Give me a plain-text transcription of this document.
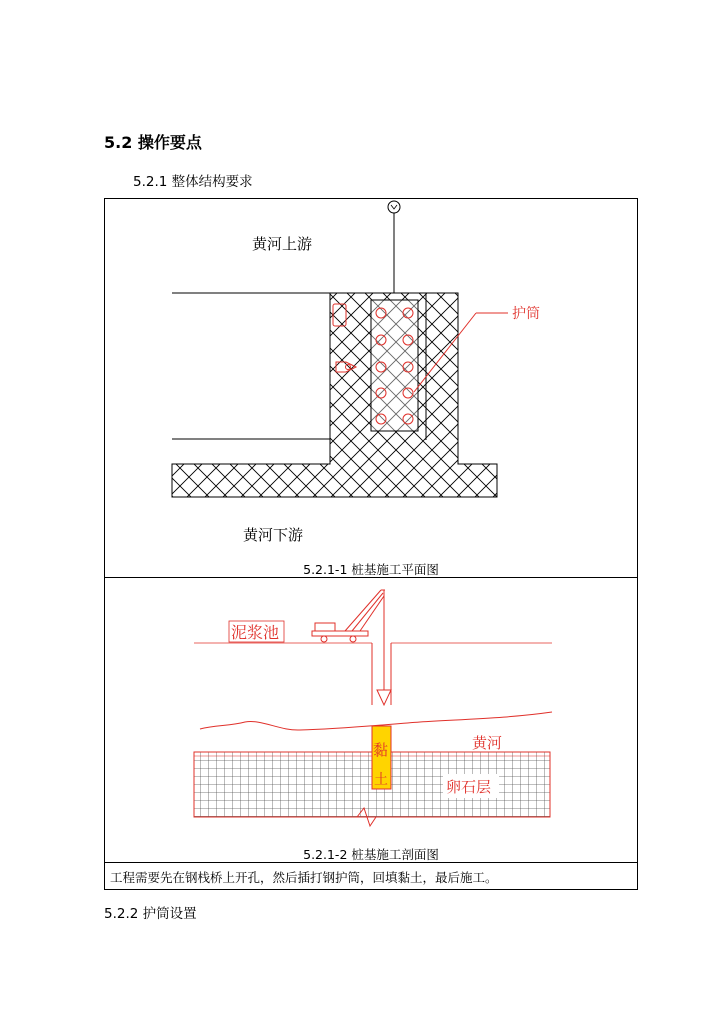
5.2 操作要点
5.2.1 整体结构要求
黄河上游
黄河下游
护筒
泥浆池
黄河
黏
土	卵石层
5.2.1-1 桩基施工平面图
5.2.1-2 桩基施工剖面图
工程需要先在钢栈桥上开孔，然后插打钢护筒，回填黏土，最后施工。
5.2.2 护筒设置
